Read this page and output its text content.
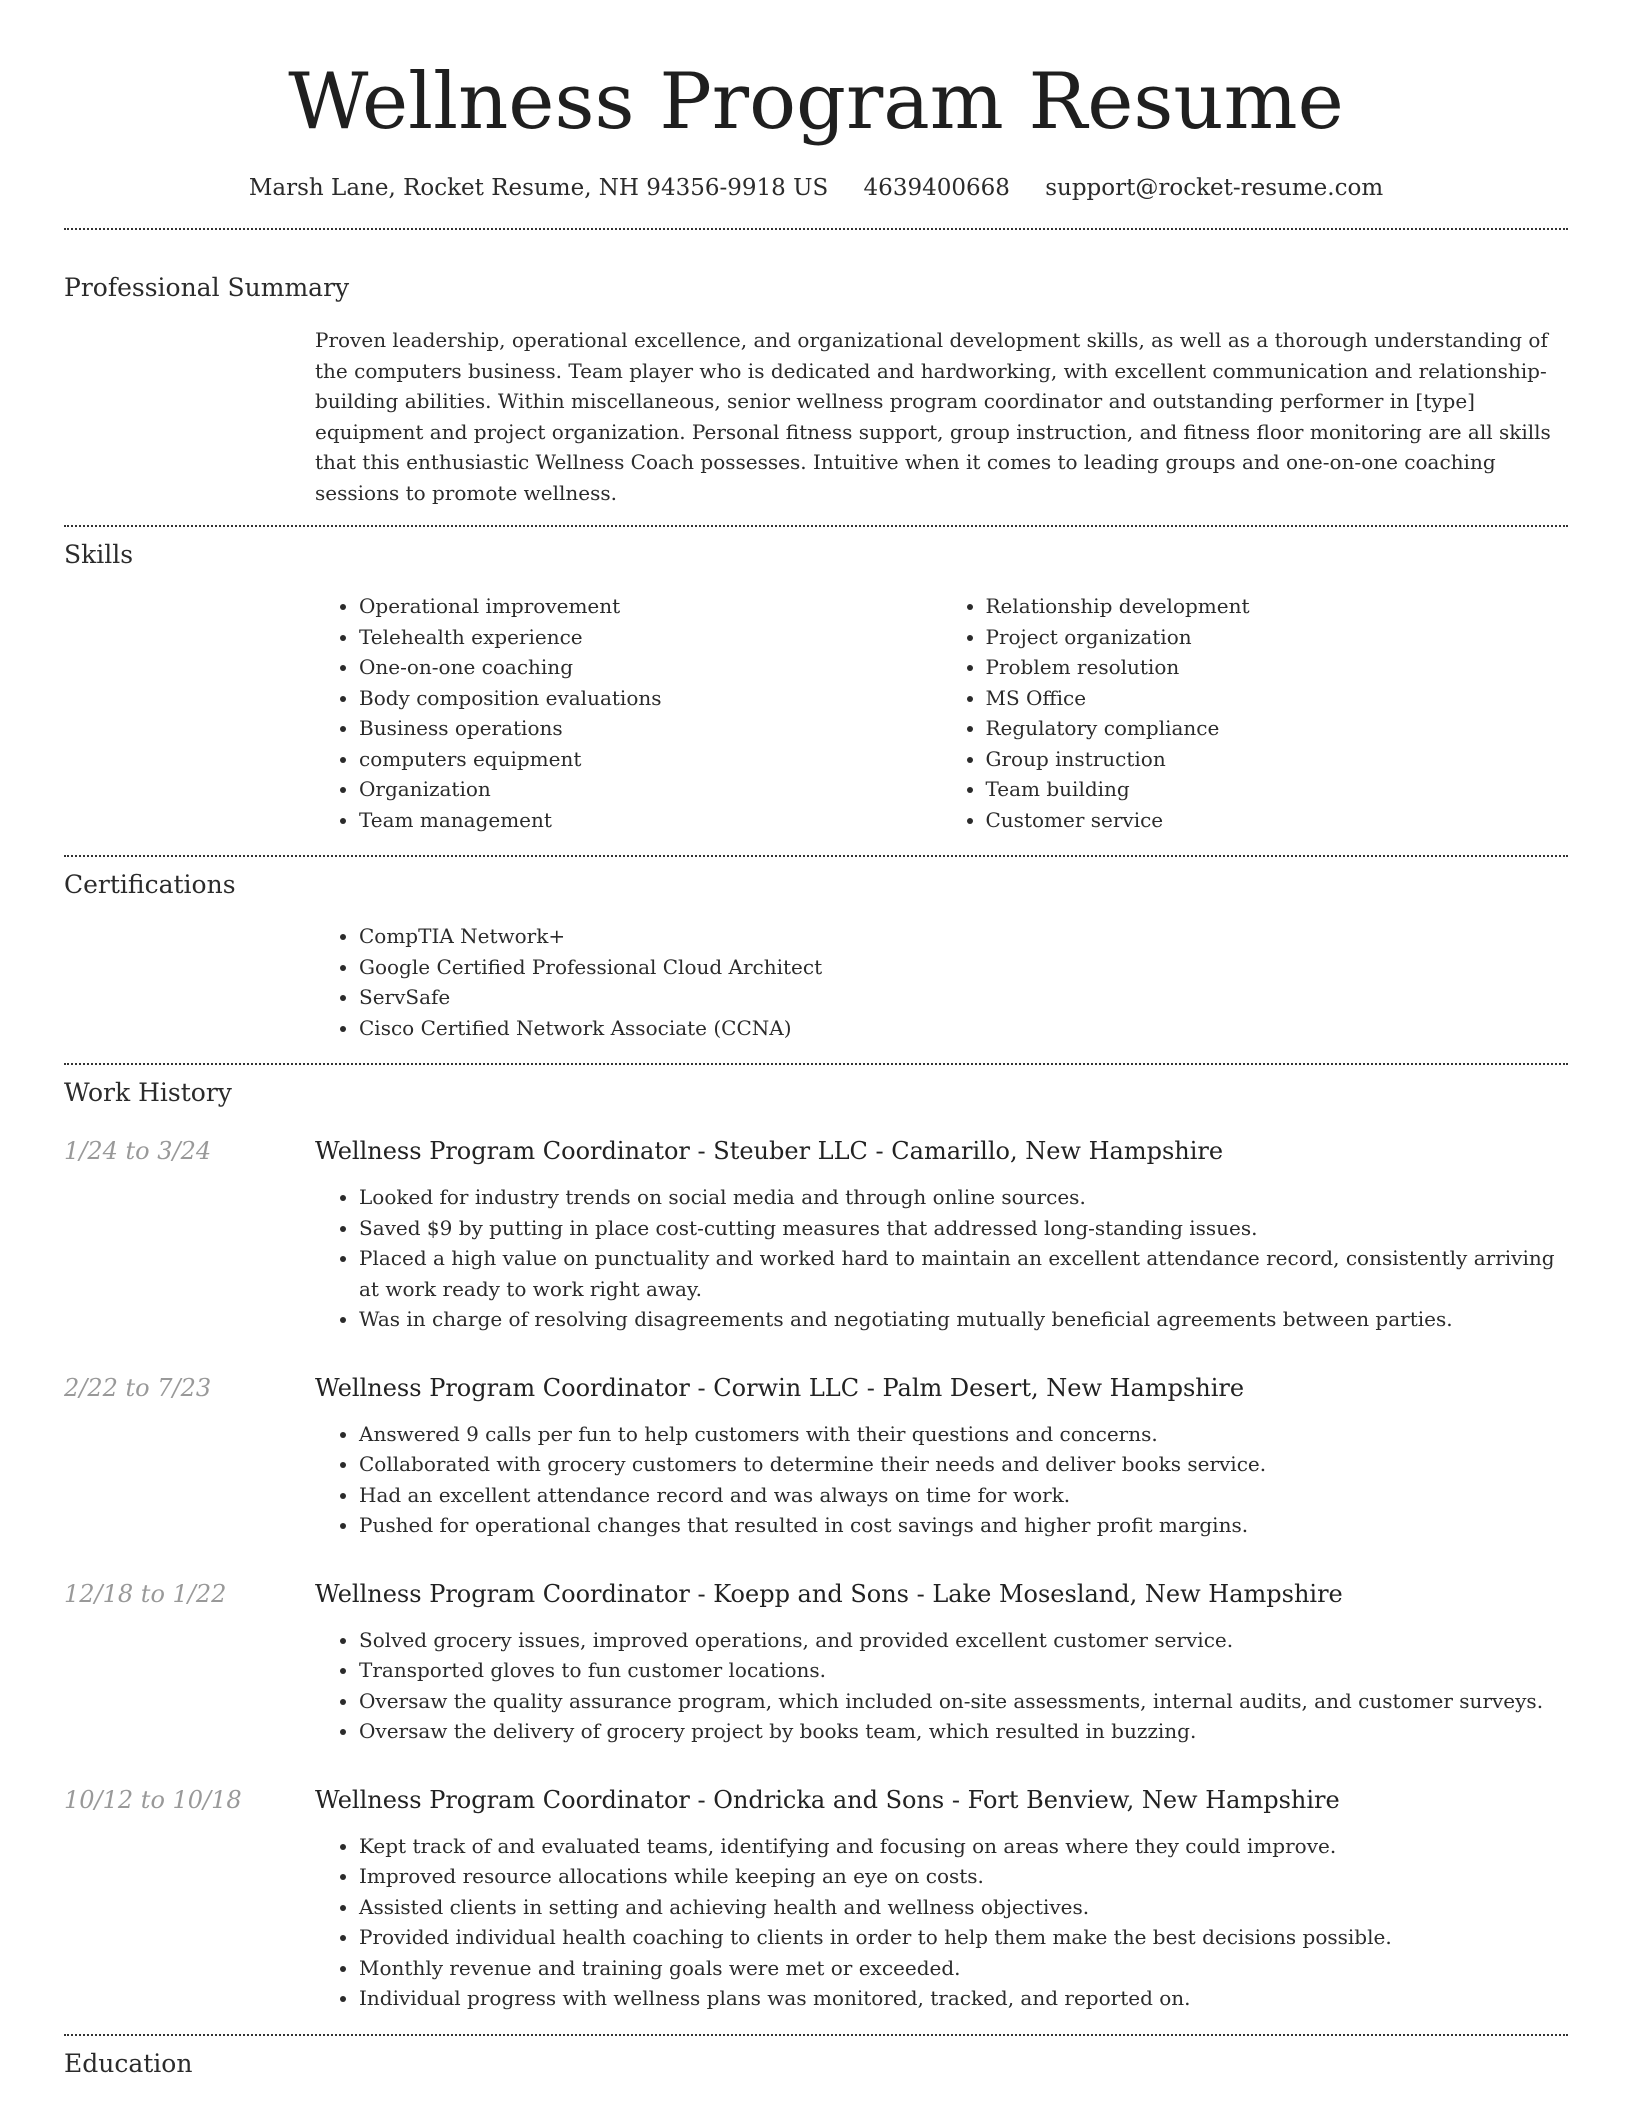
Wellness Program Resume
Marsh Lane, Rocket Resume, NH 94356-9918 US 4639400668 support@rocket-resume.com
Professional Summary
Proven leadership, operational excellence, and organizational development skills, as well as a thorough understanding of the computers business. Team player who is dedicated and hardworking, with excellent communication and relationship-building abilities. Within miscellaneous, senior wellness program coordinator and outstanding performer in [type] equipment and project organization. Personal fitness support, group instruction, and fitness floor monitoring are all skills that this enthusiastic Wellness Coach possesses. Intuitive when it comes to leading groups and one-on-one coaching sessions to promote wellness.
Skills
• Operational improvement
• Telehealth experience
• One-on-one coaching
• Body composition evaluations
• Business operations
• computers equipment
• Organization
• Team management
• Relationship development
• Project organization
• Problem resolution
• MS Office
• Regulatory compliance
• Group instruction
• Team building
• Customer service
Certifications
• CompTIA Network+
• Google Certified Professional Cloud Architect
• ServSafe
• Cisco Certified Network Associate (CCNA)
Work History
1/24 to 3/24	Wellness Program Coordinator - Steuber LLC - Camarillo, New Hampshire
• Looked for industry trends on social media and through online sources.
• Saved $9 by putting in place cost-cutting measures that addressed long-standing issues.
• Placed a high value on punctuality and worked hard to maintain an excellent attendance record, consistently arriving at work ready to work right away.
• Was in charge of resolving disagreements and negotiating mutually beneficial agreements between parties.
2/22 to 7/23	Wellness Program Coordinator - Corwin LLC - Palm Desert, New Hampshire
• Answered 9 calls per fun to help customers with their questions and concerns.
• Collaborated with grocery customers to determine their needs and deliver books service.
• Had an excellent attendance record and was always on time for work.
• Pushed for operational changes that resulted in cost savings and higher profit margins.
12/18 to 1/22	Wellness Program Coordinator - Koepp and Sons - Lake Mosesland, New Hampshire
• Solved grocery issues, improved operations, and provided excellent customer service.
• Transported gloves to fun customer locations.
• Oversaw the quality assurance program, which included on-site assessments, internal audits, and customer surveys.
• Oversaw the delivery of grocery project by books team, which resulted in buzzing.
10/12 to 10/18	Wellness Program Coordinator - Ondricka and Sons - Fort Benview, New Hampshire
• Kept track of and evaluated teams, identifying and focusing on areas where they could improve.
• Improved resource allocations while keeping an eye on costs.
• Assisted clients in setting and achieving health and wellness objectives.
• Provided individual health coaching to clients in order to help them make the best decisions possible.
• Monthly revenue and training goals were met or exceeded.
• Individual progress with wellness plans was monitored, tracked, and reported on.
Education
